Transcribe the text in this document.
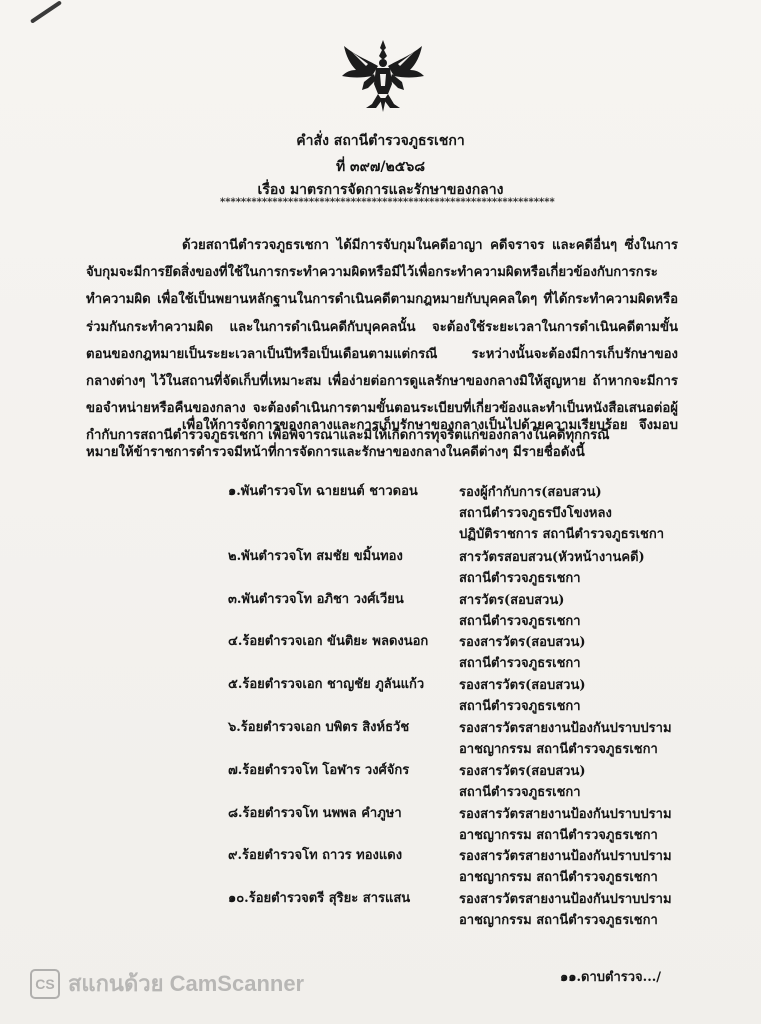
คำสั่ง สถานีตำรวจภูธรเชกา
ที่ ๓๙๗/๒๕๖๘
เรื่อง มาตรการจัดการและรักษาของกลาง
****************************************************************
ด้วยสถานีตำรวจภูธรเชกา ได้มีการจับกุมในคดีอาญา คดีจราจร และคดีอื่นๆ ซึ่งในการจับกุมจะมีการยึดสิ่งของที่ใช้ในการกระทำความผิดหรือมีไว้เพื่อกระทำความผิดหรือเกี่ยวข้องกับการกระทำความผิด เพื่อใช้เป็นพยานหลักฐานในการดำเนินคดีตามกฎหมายกับบุคคลใดๆ ที่ได้กระทำความผิดหรือร่วมกันกระทำความผิด และในการดำเนินคดีกับบุคคลนั้น จะต้องใช้ระยะเวลาในการดำเนินคดีตามขั้นตอนของกฎหมายเป็นระยะเวลาเป็นปีหรือเป็นเดือนตามแต่กรณี ระหว่างนั้นจะต้องมีการเก็บรักษาของกลางต่างๆ ไว้ในสถานที่จัดเก็บที่เหมาะสม เพื่อง่ายต่อการดูแลรักษาของกลางมิให้สูญหาย ถ้าหากจะมีการขอจำหน่ายหรือคืนของกลาง จะต้องดำเนินการตามขั้นตอนระเบียบที่เกี่ยวข้องและทำเป็นหนังสือเสนอต่อผู้กำกับการสถานีตำรวจภูธรเชกา เพื่อพิจารณาและมิให้เกิดการทุจริตแก่ของกลางในคดีทุกกรณี
เพื่อให้การจัดการของกลางและการเก็บรักษาของกลางเป็นไปด้วยความเรียบร้อย จึงมอบหมายให้ข้าราชการตำรวจมีหน้าที่การจัดการและรักษาของกลางในคดีต่างๆ มีรายชื่อดังนี้
๑.พันตำรวจโท ฉายยนต์ ชาวดอน	รองผู้กำกับการ(สอบสวน)
สถานีตำรวจภูธรบึงโขงหลง
ปฏิบัติราชการ สถานีตำรวจภูธรเชกา
๒.พันตำรวจโท สมชัย ขมิ้นทอง	สารวัตรสอบสวน(หัวหน้างานคดี)
สถานีตำรวจภูธรเชกา
๓.พันตำรวจโท อภิชา วงศ์เวียน	สารวัตร(สอบสวน)
สถานีตำรวจภูธรเชกา
๔.ร้อยตำรวจเอก ขันติยะ พลดงนอก รองสารวัตร(สอบสวน)
สถานีตำรวจภูธรเชกา
๕.ร้อยตำรวจเอก ชาญชัย ภูลันแก้ว	รองสารวัตร(สอบสวน)
สถานีตำรวจภูธรเชกา
๖.ร้อยตำรวจเอก บพิตร สิงห์ธวัช	รองสารวัตรสายงานป้องกันปราบปราม
อาชญากรรม สถานีตำรวจภูธรเชกา
๗.ร้อยตำรวจโท โอฬาร วงศ์จักร	รองสารวัตร(สอบสวน)
สถานีตำรวจภูธรเชกา
๘.ร้อยตำรวจโท นพพล คำภูษา	รองสารวัตรสายงานป้องกันปราบปราม
อาชญากรรม สถานีตำรวจภูธรเชกา
๙.ร้อยตำรวจโท ถาวร ทองแดง	รองสารวัตรสายงานป้องกันปราบปราม
อาชญากรรม สถานีตำรวจภูธรเชกา
๑๐.ร้อยตำรวจตรี สุริยะ สารแสน	รองสารวัตรสายงานป้องกันปราบปราม
อาชญากรรม สถานีตำรวจภูธรเชกา
CS สแกนด้วย CamScanner	๑๑.ดาบตำรวจ.../
